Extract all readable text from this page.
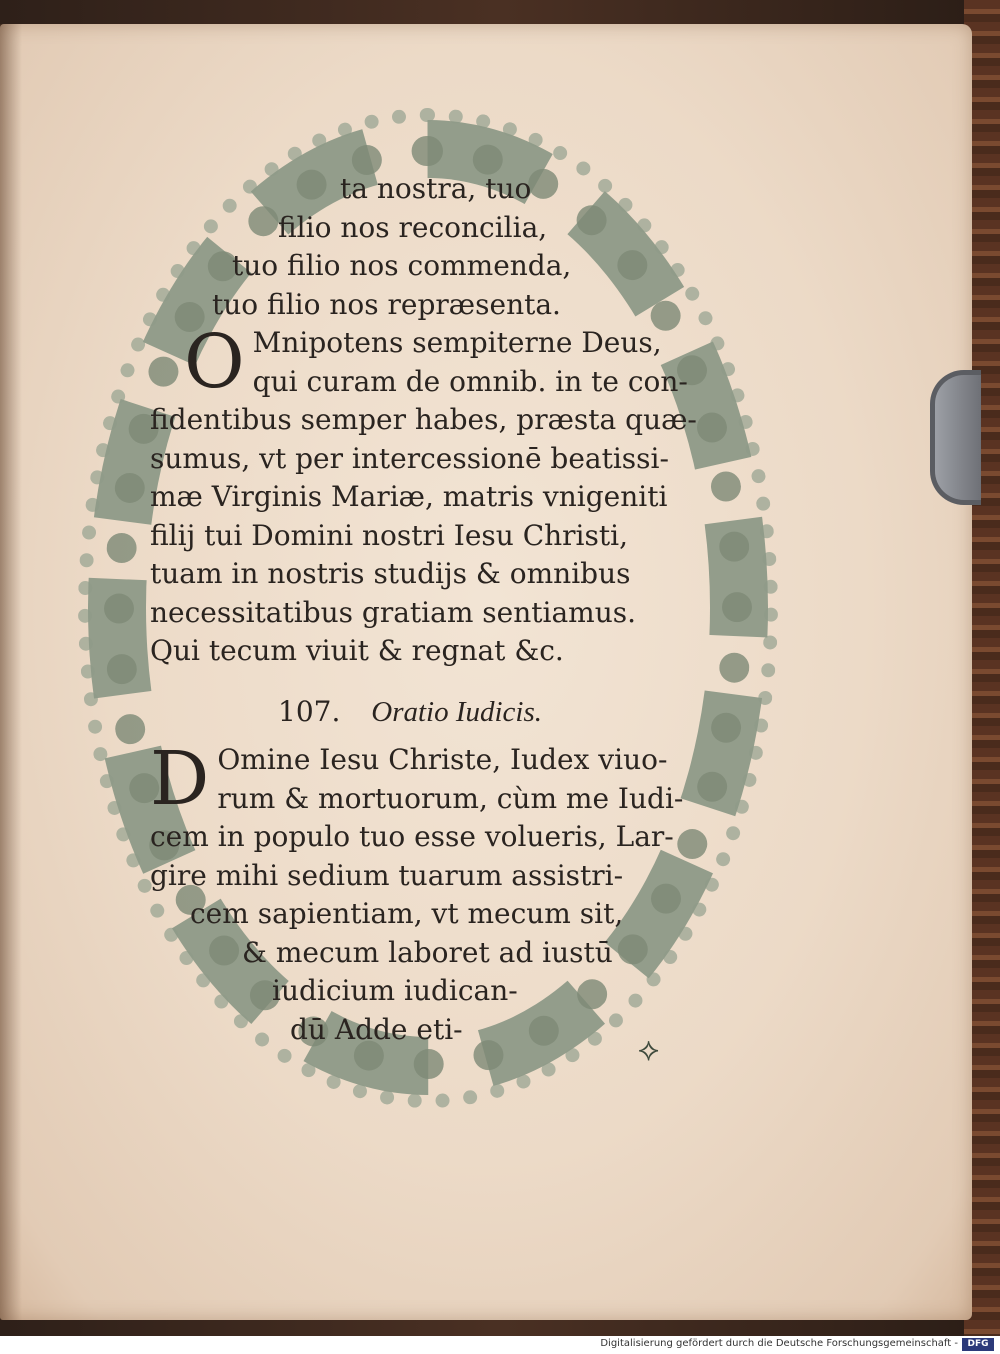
ta nostra, tuo
filio nos reconcilia,
tuo filio nos commenda,
tuo filio nos repræsenta.
O Mnipotens sempiterne Deus,
qui curam de omnib. in te con-
fidentibus semper habes, præsta quæ-
sumus, vt per intercessionē beatissi-
mæ Virginis Mariæ, matris vnigeniti
filij tui Domini nostri Iesu Christi,
tuam in nostris studijs & omnibus
necessitatibus gratiam sentiamus.
Qui tecum viuit & regnat &c.
107. Oratio Iudicis.
D Omine Iesu Christe, Iudex viuo-
rum & mortuorum, cùm me Iudi-
cem in populo tuo esse volueris, Lar-
gire mihi sedium tuarum assistri-
cem sapientiam, vt mecum sit,
& mecum laboret ad iustū
iudicium iudican-
dū Adde eti-
⟡
Digitalisierung gefördert durch die Deutsche Forschungsgemeinschaft -	DFG
